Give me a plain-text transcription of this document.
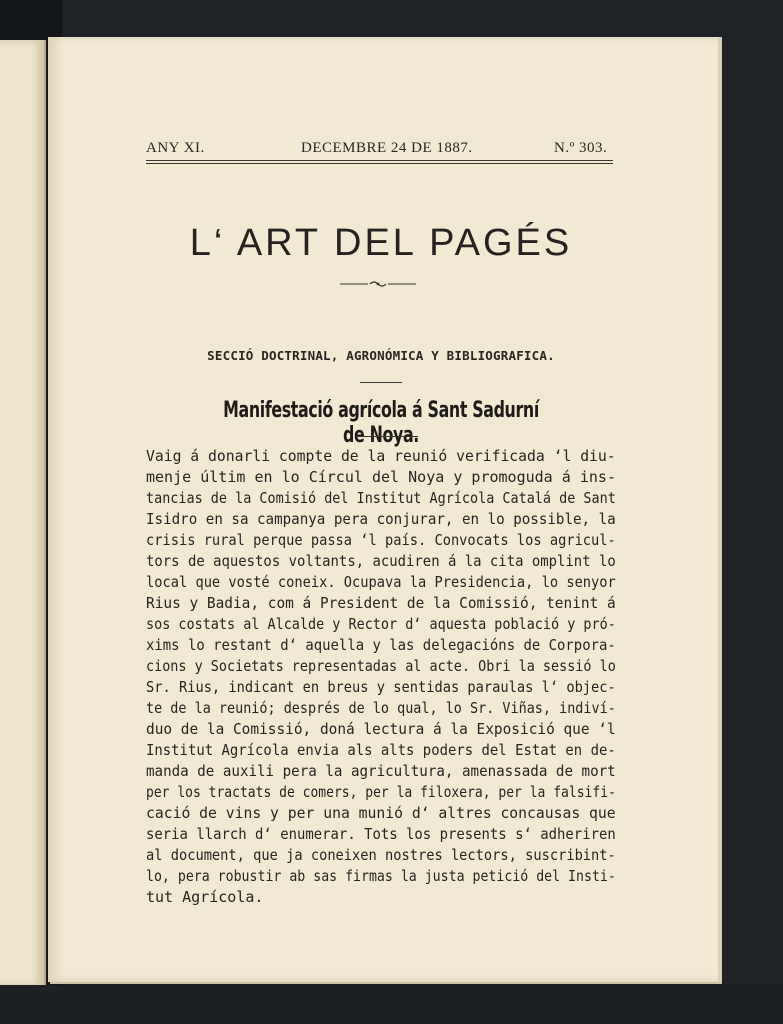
ANY XI.	DECEMBRE 24 DE 1887.	N.º 303.
L‘ ART DEL PAGÉS
SECCIÓ DOCTRINAL, AGRONÓMICA Y BIBLIOGRAFICA.
Manifestació agrícola á Sant Sadurní de Noya.
Vaig á donarli compte de la reunió verificada ‘l diu-
menje últim en lo Círcul del Noya y promoguda á ins-
tancias de la Comisió del Institut Agrícola Catalá de Sant
Isidro en sa campanya pera conjurar, en lo possible, la
crisis rural perque passa ‘l país. Convocats los agricul-
tors de aquestos voltants, acudiren á la cita omplint lo
local que vosté coneix. Ocupava la Presidencia, lo senyor
Rius y Badia, com á President de la Comissió, tenint á
sos costats al Alcalde y Rector d‘ aquesta població y pró-
xims lo restant d‘ aquella y las delegacións de Corpora-
cions y Societats representadas al acte. Obri la sessió lo
Sr. Rius, indicant en breus y sentidas paraulas l‘ objec-
te de la reunió; després de lo qual, lo Sr. Viñas, indiví-
duo de la Comissió, doná lectura á la Exposició que ‘l
Institut Agrícola envia als alts poders del Estat en de-
manda de auxili pera la agricultura, amenassada de mort
per los tractats de comers, per la filoxera, per la falsifi-
cació de vins y per una munió d‘ altres concausas que
seria llarch d‘ enumerar. Tots los presents s‘ adheriren
al document, que ja coneixen nostres lectors, suscribint-
lo, pera robustir ab sas firmas la justa petició del Insti-
tut Agrícola.
